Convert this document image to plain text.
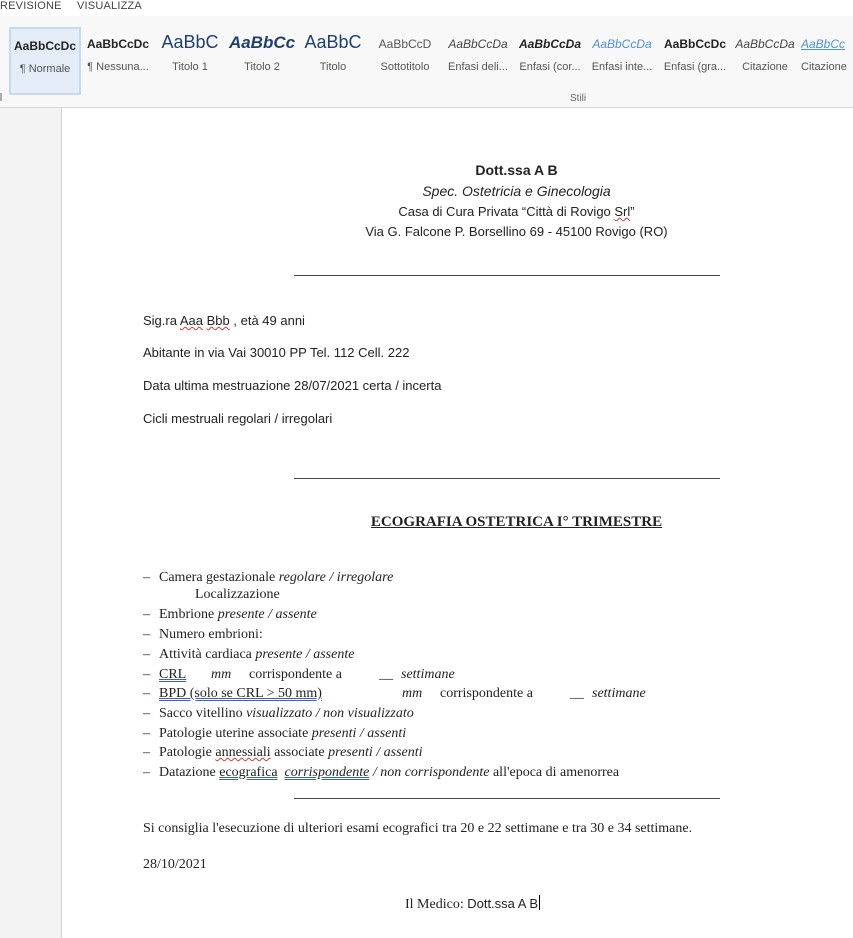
REVISIONE VISUALIZZA
AaBbCcDc
¶ Normale
AaBbCcDc
¶ Nessuna...
AaBbC
Titolo 1
AaBbCc
Titolo 2
AaBbC
Titolo
AaBbCcD
Sottotitolo
AaBbCcDa
Enfasi deli...
AaBbCcDa
Enfasi (cor...
AaBbCcDa
Enfasi inte...
AaBbCcDc
Enfasi (gra...
AaBbCcDa
Citazione
AaBbCc
Citazione
Stili
Dott.ssa A B
Spec. Ostetricia e Ginecologia
Casa di Cura Privata “Città di Rovigo Srl”
Via G. Falcone P. Borsellino 69 - 45100 Rovigo (RO)
Sig.ra Aaa Bbb , età 49 anni
Abitante in via Vai 30010 PP Tel. 112 Cell. 222
Data ultima mestruazione 28/07/2021 certa / incerta
Cicli mestruali regolari / irregolari
ECOGRAFIA OSTETRICA I° TRIMESTRE
– Camera gestazionale regolare / irregolare
Localizzazione
– Embrione presente / assente
– Numero embrioni:
– Attività cardiaca presente / assente
– CRL mm corrispondente a	__ settimane
– BPD (solo se CRL > 50 mm)	mm corrispondente a	__ settimane
– Sacco vitellino visualizzato / non visualizzato
– Patologie uterine associate presenti / assenti
– Patologie annessiali associate presenti / assenti
– Datazione ecografica corrispondente / non corrispondente all'epoca di amenorrea
Si consiglia l'esecuzione di ulteriori esami ecografici tra 20 e 22 settimane e tra 30 e 34 settimane.
28/10/2021
Il Medico: Dott.ssa A B
